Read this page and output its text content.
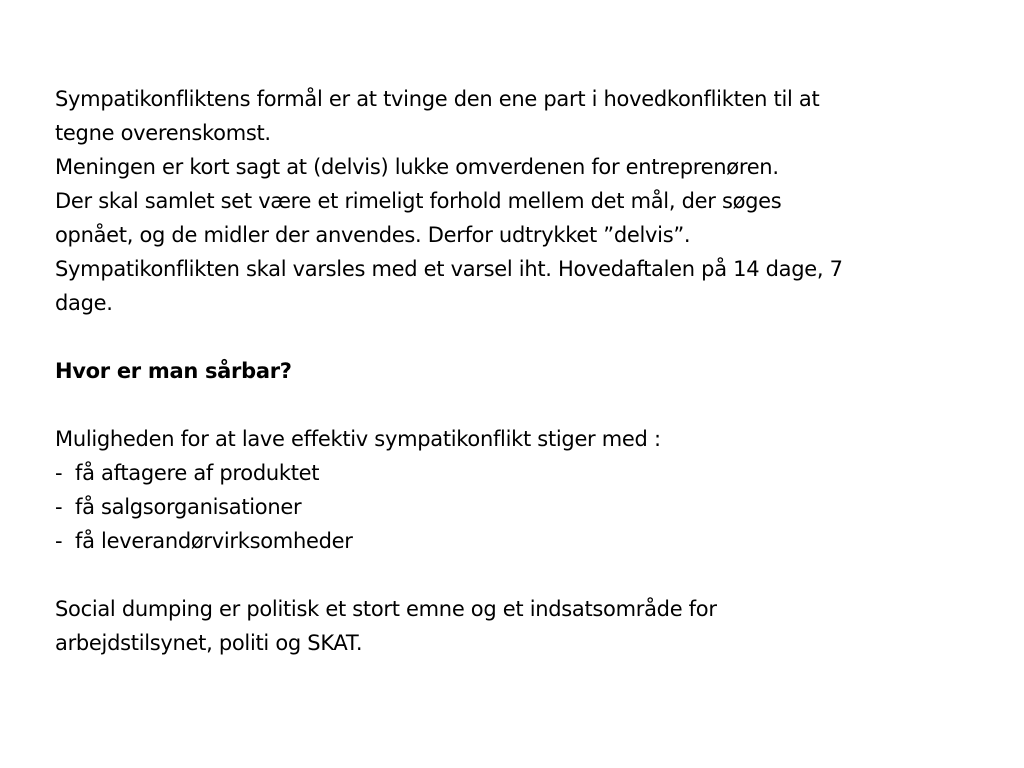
Sympatikonfliktens formål er at tvinge den ene part i hovedkonflikten til at
tegne overenskomst.
Meningen er kort sagt at (delvis) lukke omverdenen for entreprenøren.
Der skal samlet set være et rimeligt forhold mellem det mål, der søges
opnået, og de midler der anvendes. Derfor udtrykket ”delvis”.
Sympatikonflikten skal varsles med et varsel iht. Hovedaftalen på 14 dage, 7
dage.
Hvor er man sårbar?
Muligheden for at lave effektiv sympatikonflikt stiger med :
- få aftagere af produktet
- få salgsorganisationer
- få leverandørvirksomheder
Social dumping er politisk et stort emne og et indsatsområde for
arbejdstilsynet, politi og SKAT.
